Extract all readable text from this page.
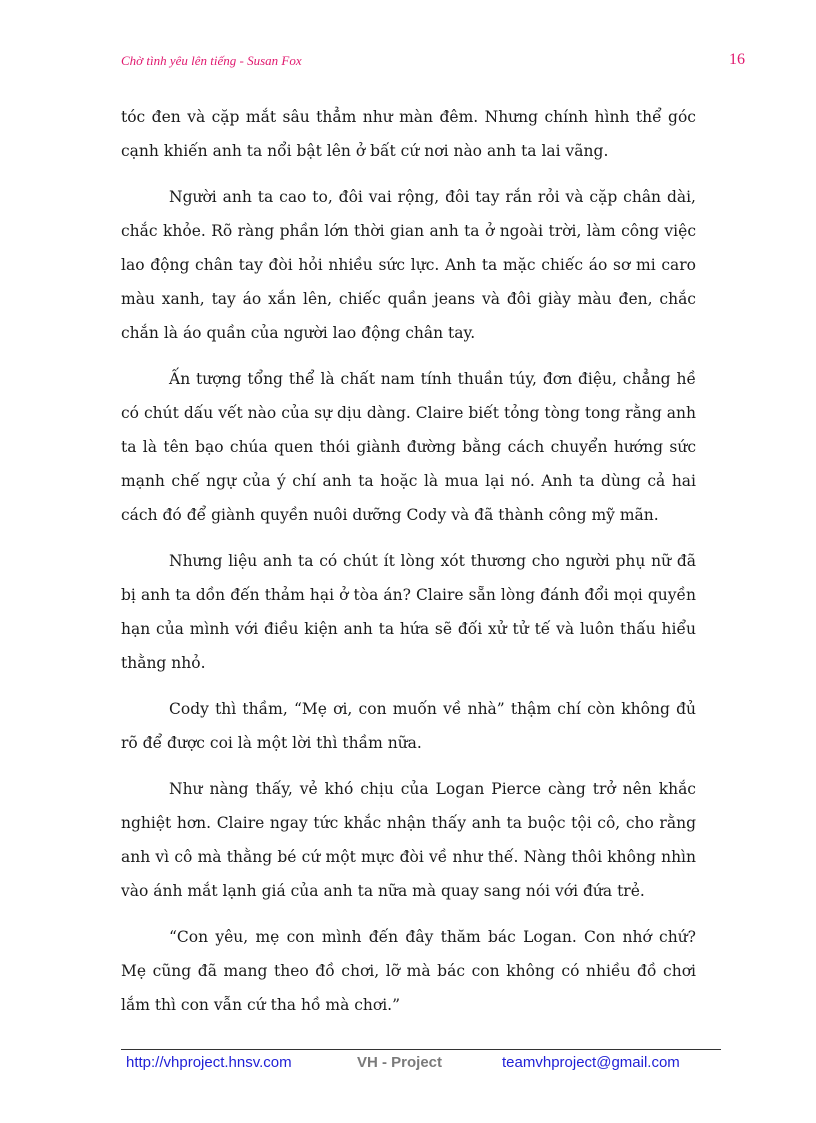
Chờ tình yêu lên tiếng - Susan Fox	16

tóc đen và cặp mắt sâu thẳm như màn đêm. Nhưng chính hình thể góc cạnh khiến anh ta nổi bật lên ở bất cứ nơi nào anh ta lai vãng.

Người anh ta cao to, đôi vai rộng, đôi tay rắn rỏi và cặp chân dài, chắc khỏe. Rõ ràng phần lớn thời gian anh ta ở ngoài trời, làm công việc lao động chân tay đòi hỏi nhiều sức lực. Anh ta mặc chiếc áo sơ mi caro màu xanh, tay áo xắn lên, chiếc quần jeans và đôi giày màu đen, chắc chắn là áo quần của người lao động chân tay.

Ấn tượng tổng thể là chất nam tính thuần túy, đơn điệu, chẳng hề có chút dấu vết nào của sự dịu dàng. Claire biết tỏng tòng tong rằng anh ta là tên bạo chúa quen thói giành đường bằng cách chuyển hướng sức mạnh chế ngự của ý chí anh ta hoặc là mua lại nó. Anh ta dùng cả hai cách đó để giành quyền nuôi dưỡng Cody và đã thành công mỹ mãn.

Nhưng liệu anh ta có chút ít lòng xót thương cho người phụ nữ đã bị anh ta dồn đến thảm hại ở tòa án? Claire sẵn lòng đánh đổi mọi quyền hạn của mình với điều kiện anh ta hứa sẽ đối xử tử tế và luôn thấu hiểu thằng nhỏ.

Cody thì thầm, “Mẹ ơi, con muốn về nhà” thậm chí còn không đủ rõ để được coi là một lời thì thầm nữa.

Như nàng thấy, vẻ khó chịu của Logan Pierce càng trở nên khắc nghiệt hơn. Claire ngay tức khắc nhận thấy anh ta buộc tội cô, cho rằng anh vì cô mà thằng bé cứ một mực đòi về như thế. Nàng thôi không nhìn vào ánh mắt lạnh giá của anh ta nữa mà quay sang nói với đứa trẻ.

“Con yêu, mẹ con mình đến đây thăm bác Logan. Con nhớ chứ? Mẹ cũng đã mang theo đồ chơi, lỡ mà bác con không có nhiều đồ chơi lắm thì con vẫn cứ tha hồ mà chơi.”

http://vhproject.hnsv.com	VH - Project	teamvhproject@gmail.com
